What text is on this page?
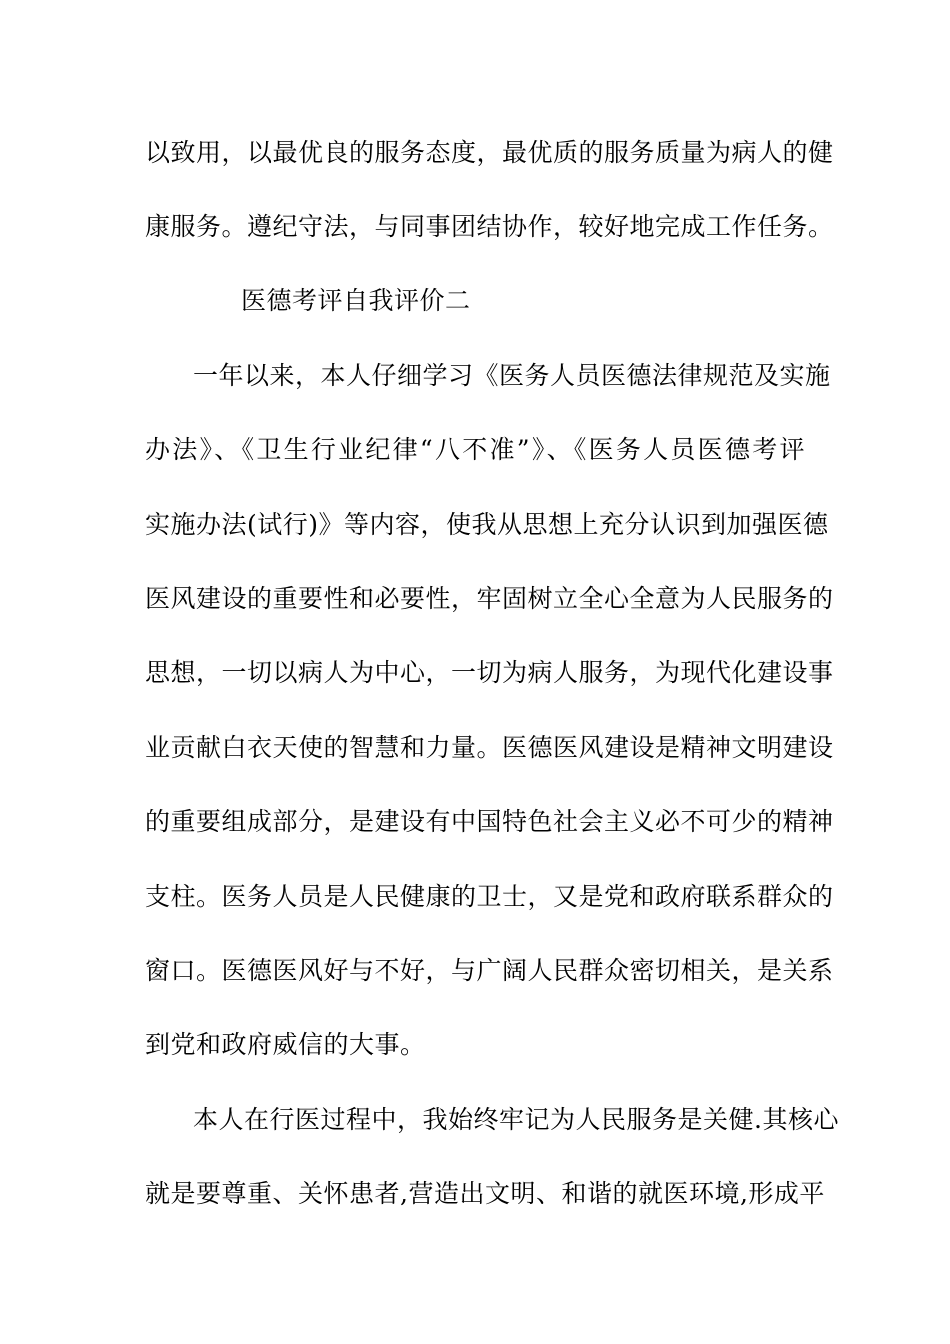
以致用，以最优良的服务态度，最优质的服务质量为病人的健
康服务。遵纪守法，与同事团结协作，较好地完成工作任务。
医德考评自我评价二
一年以来，本人仔细学习《医务人员医德法律规范及实施
办法》、《卫生行业纪律“八不准”》、《医务人员医德考评
实施办法(试行)》等内容，使我从思想上充分认识到加强医德
医风建设的重要性和必要性，牢固树立全心全意为人民服务的
思想，一切以病人为中心，一切为病人服务，为现代化建设事
业贡献白衣天使的智慧和力量。医德医风建设是精神文明建设
的重要组成部分，是建设有中国特色社会主义必不可少的精神
支柱。医务人员是人民健康的卫士，又是党和政府联系群众的
窗口。医德医风好与不好，与广阔人民群众密切相关，是关系
到党和政府威信的大事。
本人在行医过程中，我始终牢记为人民服务是关健.其核心
就是要尊重、关怀患者,营造出文明、和谐的就医环境,形成平
